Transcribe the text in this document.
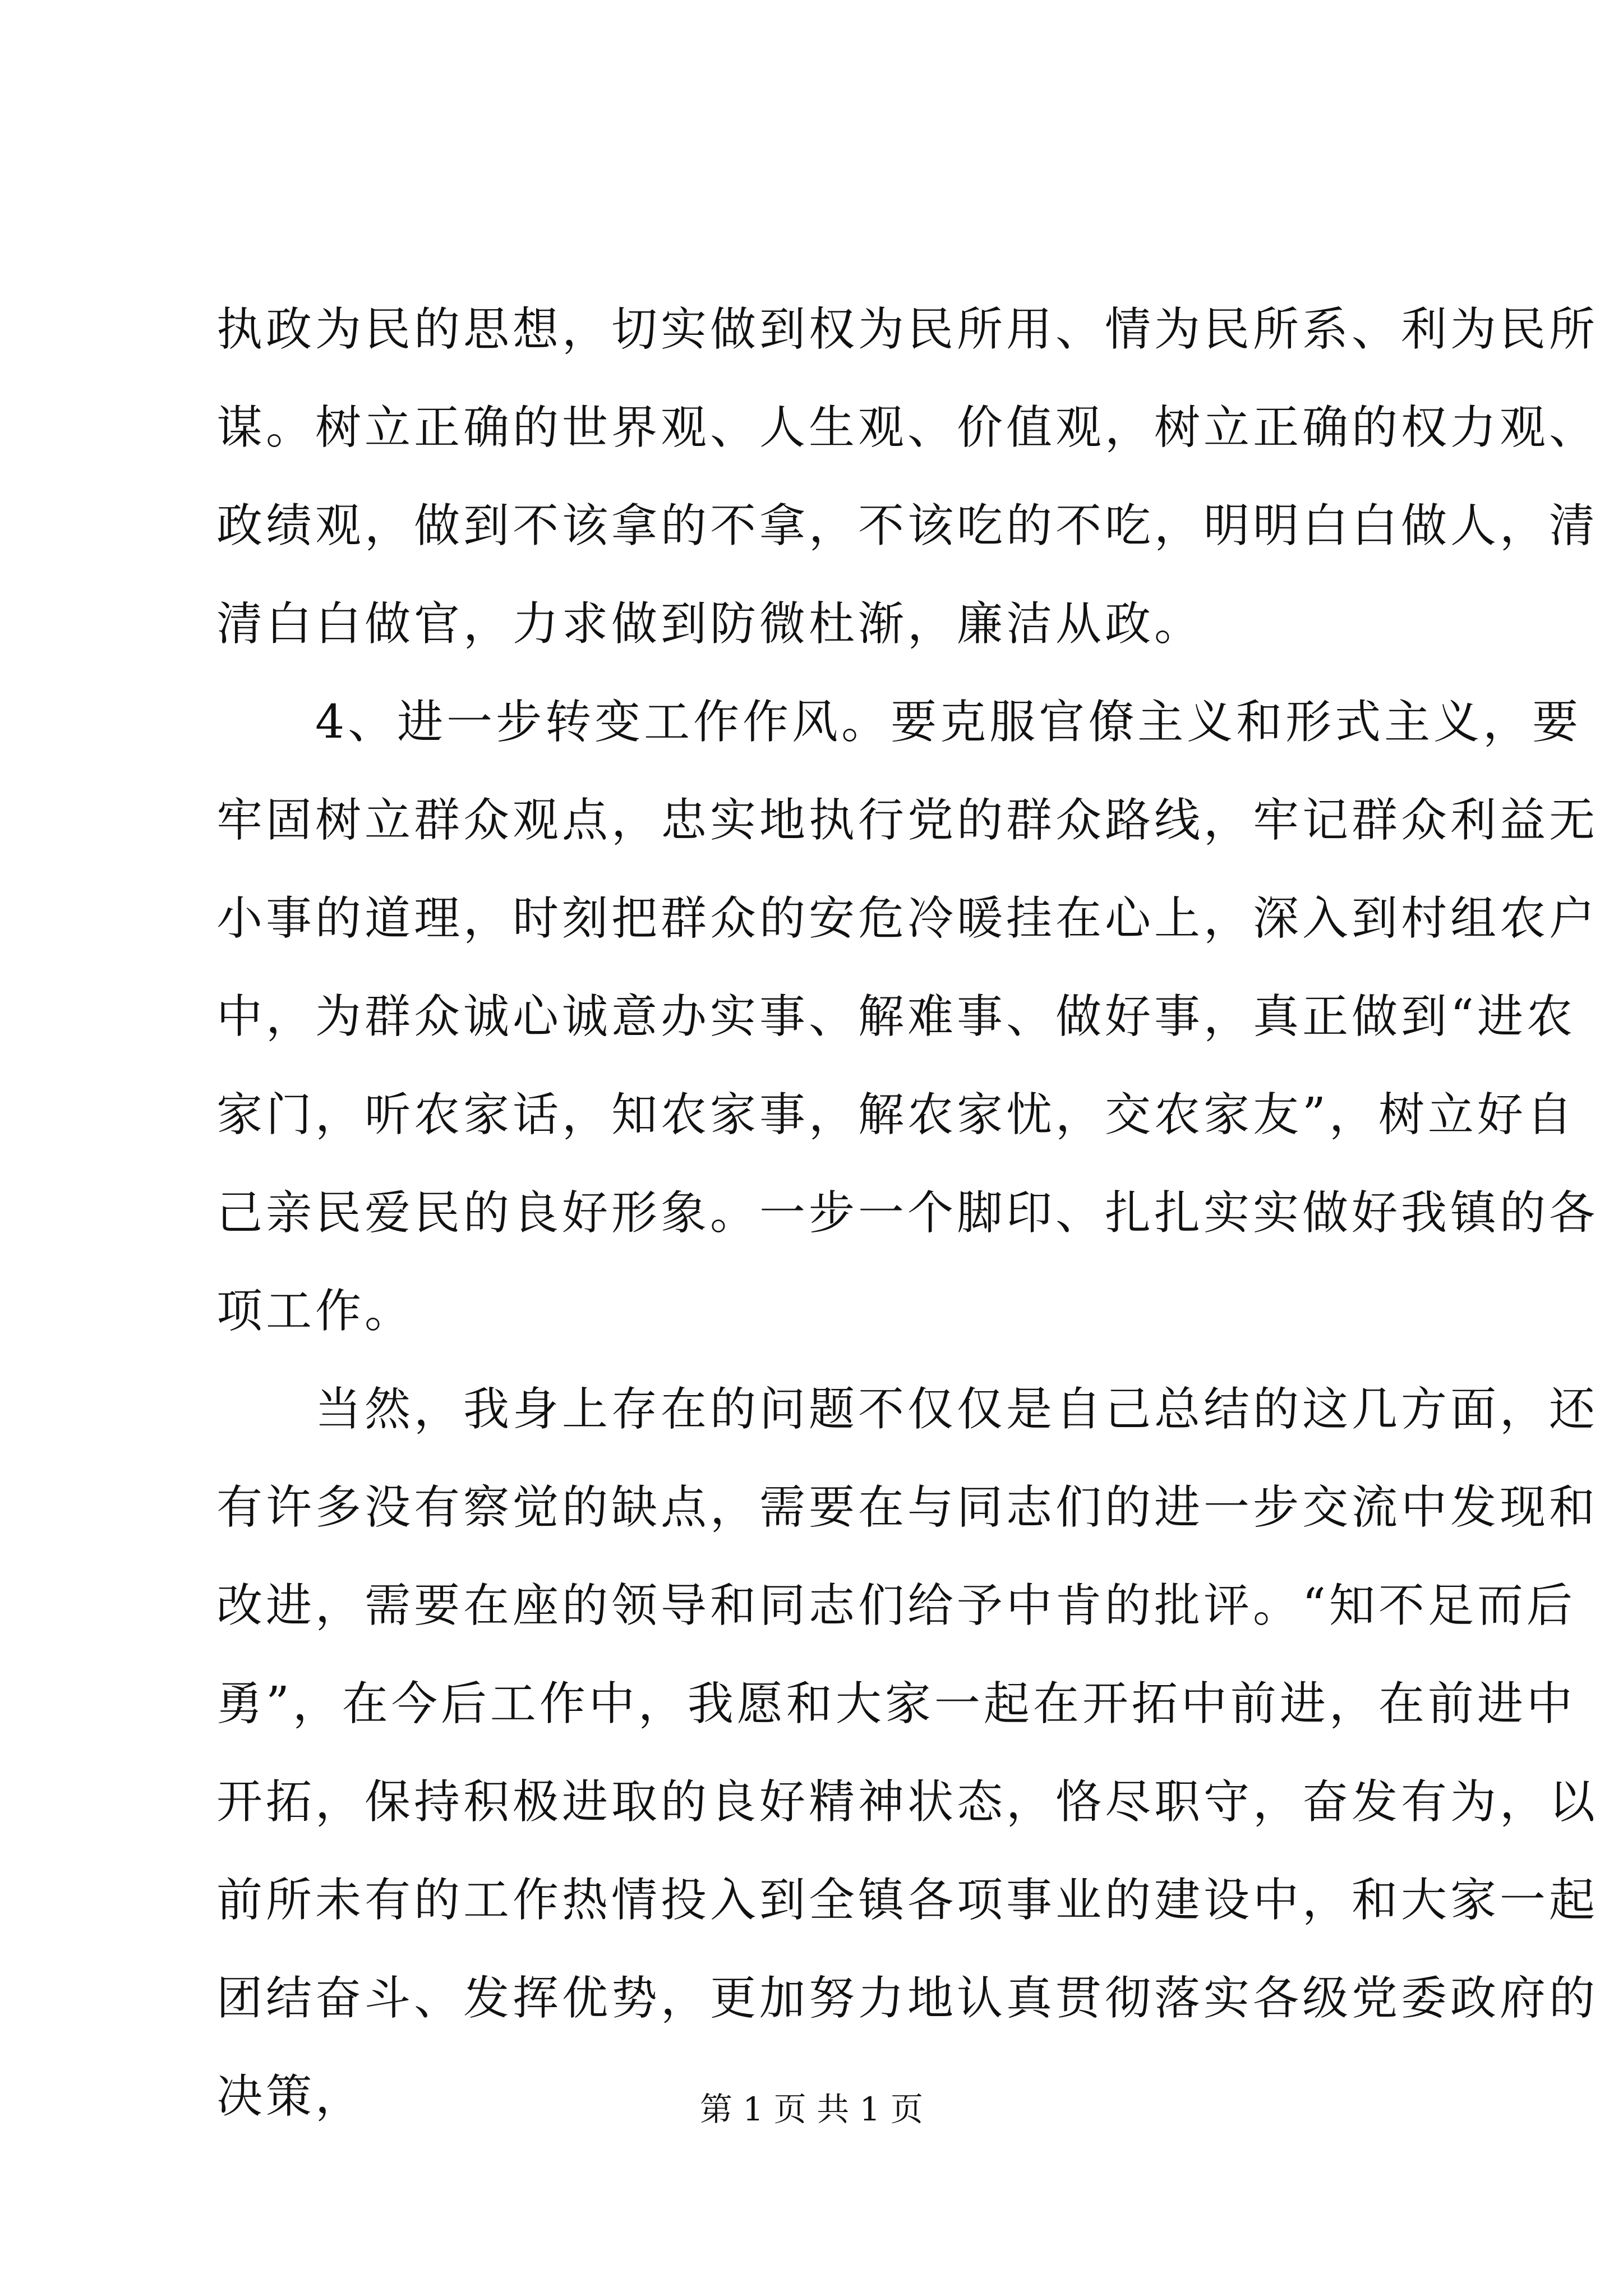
执政为民的思想，切实做到权为民所用、情为民所系、利为民所
谋。树立正确的世界观、人生观、价值观，树立正确的权力观、
政绩观，做到不该拿的不拿，不该吃的不吃，明明白白做人，清
清白白做官，力求做到防微杜渐，廉洁从政。
　　4、进一步转变工作作风。要克服官僚主义和形式主义，要
牢固树立群众观点，忠实地执行党的群众路线，牢记群众利益无
小事的道理，时刻把群众的安危冷暖挂在心上，深入到村组农户
中，为群众诚心诚意办实事、解难事、做好事，真正做到“进农
家门，听农家话，知农家事，解农家忧，交农家友”，树立好自
己亲民爱民的良好形象。一步一个脚印、扎扎实实做好我镇的各
项工作。
　　当然，我身上存在的问题不仅仅是自己总结的这几方面，还
有许多没有察觉的缺点，需要在与同志们的进一步交流中发现和
改进，需要在座的领导和同志们给予中肯的批评。“知不足而后
勇”，在今后工作中，我愿和大家一起在开拓中前进，在前进中
开拓，保持积极进取的良好精神状态，恪尽职守，奋发有为，以
前所未有的工作热情投入到全镇各项事业的建设中，和大家一起
团结奋斗、发挥优势，更加努力地认真贯彻落实各级党委政府的
决策，	第 1 页 共 1 页
